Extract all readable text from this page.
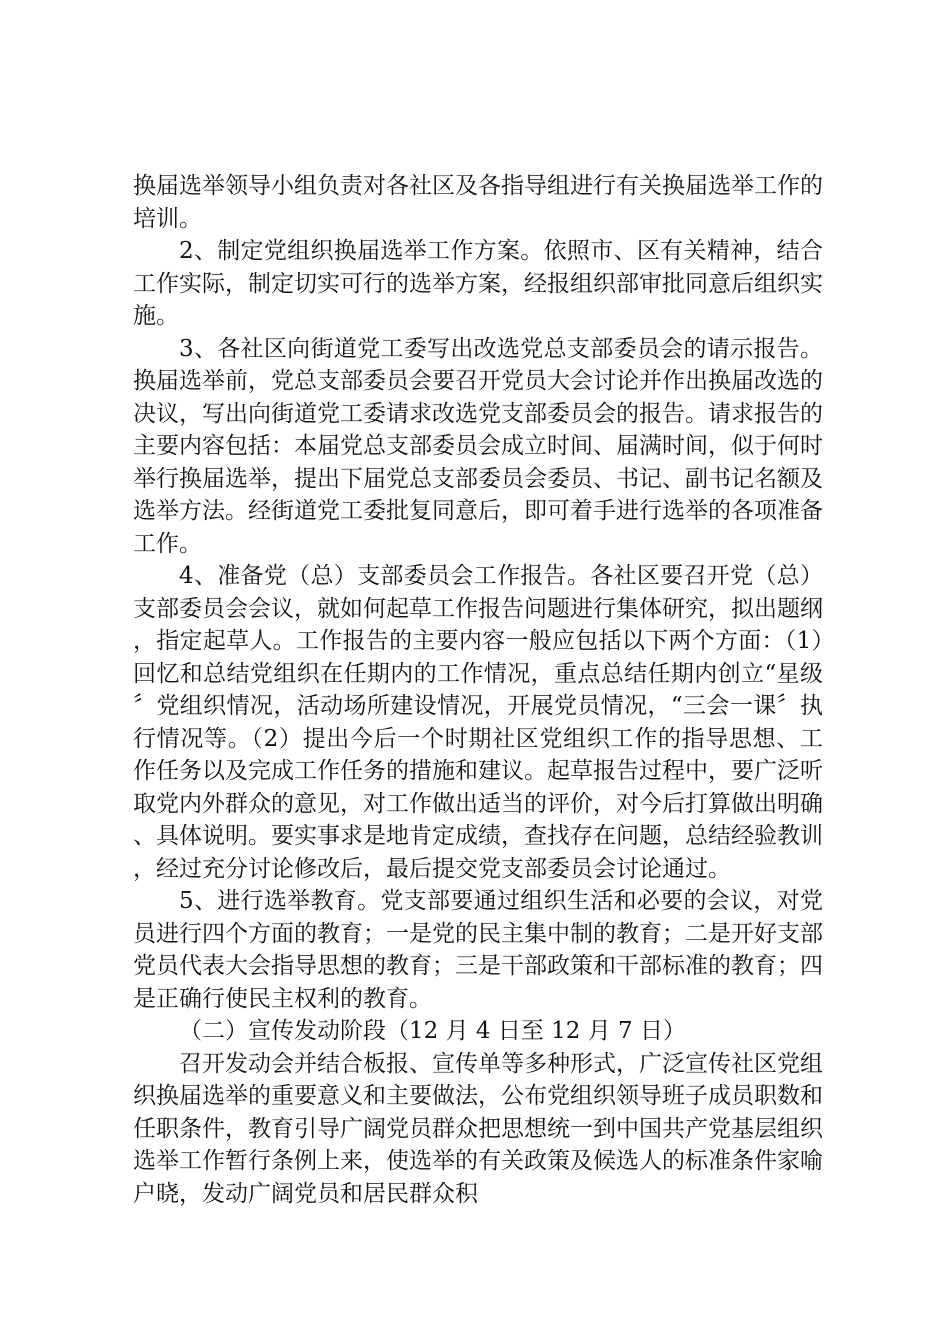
换届选举领导小组负责对各社区及各指导组进行有关换届选举工作的培训。

2、制定党组织换届选举工作方案。依照市、区有关精神，结合工作实际，制定切实可行的选举方案，经报组织部审批同意后组织实施。

3、各社区向街道党工委写出改选党总支部委员会的请示报告。换届选举前，党总支部委员会要召开党员大会讨论并作出换届改选的决议，写出向街道党工委请求改选党支部委员会的报告。请求报告的主要内容包括：本届党总支部委员会成立时间、届满时间，似于何时举行换届选举，提出下届党总支部委员会委员、书记、副书记名额及选举方法。经街道党工委批复同意后，即可着手进行选举的各项准备工作。

4、准备党（总）支部委员会工作报告。各社区要召开党（总）支部委员会会议，就如何起草工作报告问题进行集体研究，拟出题纲，指定起草人。工作报告的主要内容一般应包括以下两个方面：（1）回忆和总结党组织在任期内的工作情况，重点总结任期内创立“星级〞党组织情况，活动场所建设情况，开展党员情况，“三会一课〞执行情况等。（2）提出今后一个时期社区党组织工作的指导思想、工作任务以及完成工作任务的措施和建议。起草报告过程中，要广泛听取党内外群众的意见，对工作做出适当的评价，对今后打算做出明确、具体说明。要实事求是地肯定成绩，查找存在问题，总结经验教训，经过充分讨论修改后，最后提交党支部委员会讨论通过。

5、进行选举教育。党支部要通过组织生活和必要的会议，对党员进行四个方面的教育；一是党的民主集中制的教育；二是开好支部党员代表大会指导思想的教育；三是干部政策和干部标准的教育；四是正确行使民主权利的教育。

（二）宣传发动阶段（12 月 4 日至 12 月 7 日）

召开发动会并结合板报、宣传单等多种形式，广泛宣传社区党组织换届选举的重要意义和主要做法，公布党组织领导班子成员职数和任职条件，教育引导广阔党员群众把思想统一到中国共产党基层组织选举工作暂行条例上来，使选举的有关政策及候选人的标准条件家喻户晓，发动广阔党员和居民群众积
